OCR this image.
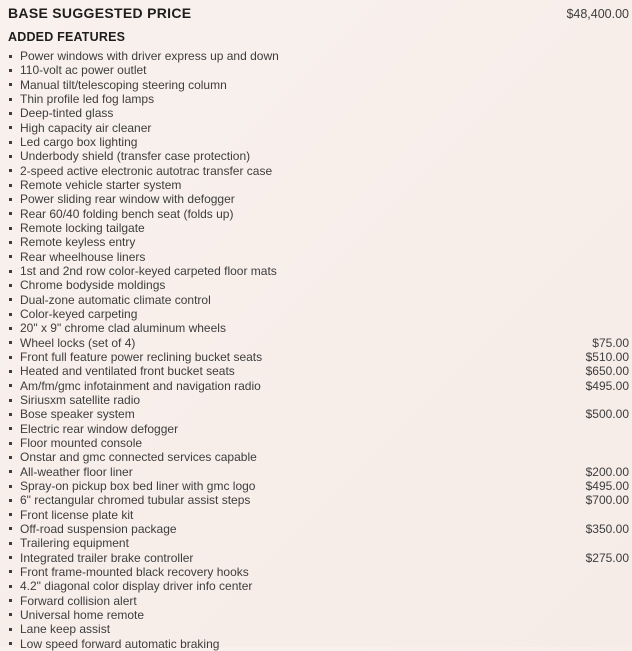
BASE SUGGESTED PRICE	$48,400.00
ADDED FEATURES
Power windows with driver express up and down
110-volt ac power outlet
Manual tilt/telescoping steering column
Thin profile led fog lamps
Deep-tinted glass
High capacity air cleaner
Led cargo box lighting
Underbody shield (transfer case protection)
2-speed active electronic autotrac transfer case
Remote vehicle starter system
Power sliding rear window with defogger
Rear 60/40 folding bench seat (folds up)
Remote locking tailgate
Remote keyless entry
Rear wheelhouse liners
1st and 2nd row color-keyed carpeted floor mats
Chrome bodyside moldings
Dual-zone automatic climate control
Color-keyed carpeting
20" x 9" chrome clad aluminum wheels
Wheel locks (set of 4)	$75.00
Front full feature power reclining bucket seats	$510.00
Heated and ventilated front bucket seats	$650.00
Am/fm/gmc infotainment and navigation radio	$495.00
Siriusxm satellite radio
Bose speaker system	$500.00
Electric rear window defogger
Floor mounted console
Onstar and gmc connected services capable
All-weather floor liner	$200.00
Spray-on pickup box bed liner with gmc logo	$495.00
6" rectangular chromed tubular assist steps	$700.00
Front license plate kit
Off-road suspension package	$350.00
Trailering equipment
Integrated trailer brake controller	$275.00
Front frame-mounted black recovery hooks
4.2" diagonal color display driver info center
Forward collision alert
Universal home remote
Lane keep assist
Low speed forward automatic braking
